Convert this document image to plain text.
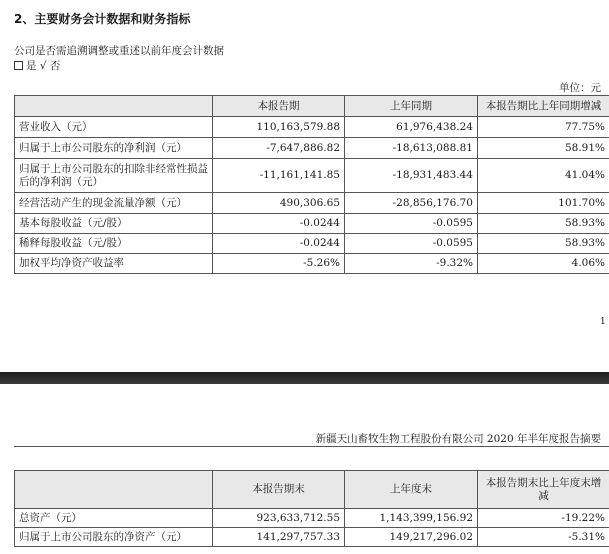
2、主要财务会计数据和财务指标
公司是否需追溯调整或重述以前年度会计数据
是 √ 否
单位：元
	本报告期	上年同期	本报告期比上年同期增减
营业收入（元）	110,163,579.88	61,976,438.24	77.75%
归属于上市公司股东的净利润（元）	-7,647,886.82	-18,613,088.81	58.91%
归属于上市公司股东的扣除非经常性损益后的净利润（元）	-11,161,141.85	-18,931,483.44	41.04%
经营活动产生的现金流量净额（元）	490,306.65	-28,856,176.70	101.70%
基本每股收益（元/股）	-0.0244	-0.0595	58.93%
稀释每股收益（元/股）	-0.0244	-0.0595	58.93%
加权平均净资产收益率	-5.26%	-9.32%	4.06%
1
新疆天山畜牧生物工程股份有限公司 2020 年半年度报告摘要
	本报告期末	上年度末	本报告期末比上年度末增减
总资产（元）	923,633,712.55	1,143,399,156.92	-19.22%
归属于上市公司股东的净资产（元）	141,297,757.33	149,217,296.02	-5.31%
